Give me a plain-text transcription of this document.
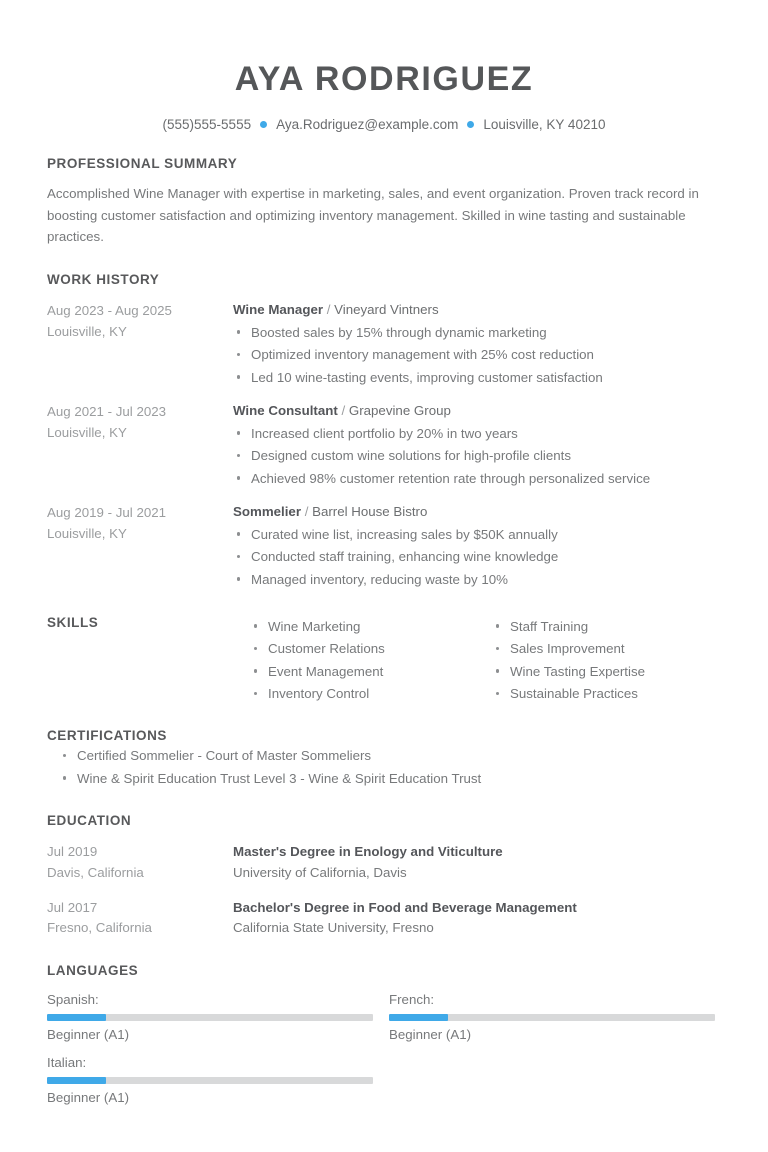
AYA RODRIGUEZ
(555)555-5555 Aya.Rodriguez@example.com Louisville, KY 40210
PROFESSIONAL SUMMARY
Accomplished Wine Manager with expertise in marketing, sales, and event organization. Proven track record in boosting customer satisfaction and optimizing inventory management. Skilled in wine tasting and sustainable practices.
WORK HISTORY
Aug 2023 - Aug 2025
Louisville, KY
Wine Manager / Vineyard Vintners
Boosted sales by 15% through dynamic marketing
Optimized inventory management with 25% cost reduction
Led 10 wine-tasting events, improving customer satisfaction
Aug 2021 - Jul 2023
Louisville, KY
Wine Consultant / Grapevine Group
Increased client portfolio by 20% in two years
Designed custom wine solutions for high-profile clients
Achieved 98% customer retention rate through personalized service
Aug 2019 - Jul 2021
Louisville, KY
Sommelier / Barrel House Bistro
Curated wine list, increasing sales by $50K annually
Conducted staff training, enhancing wine knowledge
Managed inventory, reducing waste by 10%
SKILLS	Wine Marketing
Customer Relations
Event Management
Inventory Control
Staff Training
Sales Improvement
Wine Tasting Expertise
Sustainable Practices
CERTIFICATIONS
Certified Sommelier - Court of Master Sommeliers
Wine & Spirit Education Trust Level 3 - Wine & Spirit Education Trust
EDUCATION
Jul 2019
Davis, California
Master's Degree in Enology and Viticulture
University of California, Davis
Jul 2017
Fresno, California
Bachelor's Degree in Food and Beverage Management
California State University, Fresno
LANGUAGES
Spanish:
Beginner (A1)
French:
Beginner (A1)
Italian:
Beginner (A1)
